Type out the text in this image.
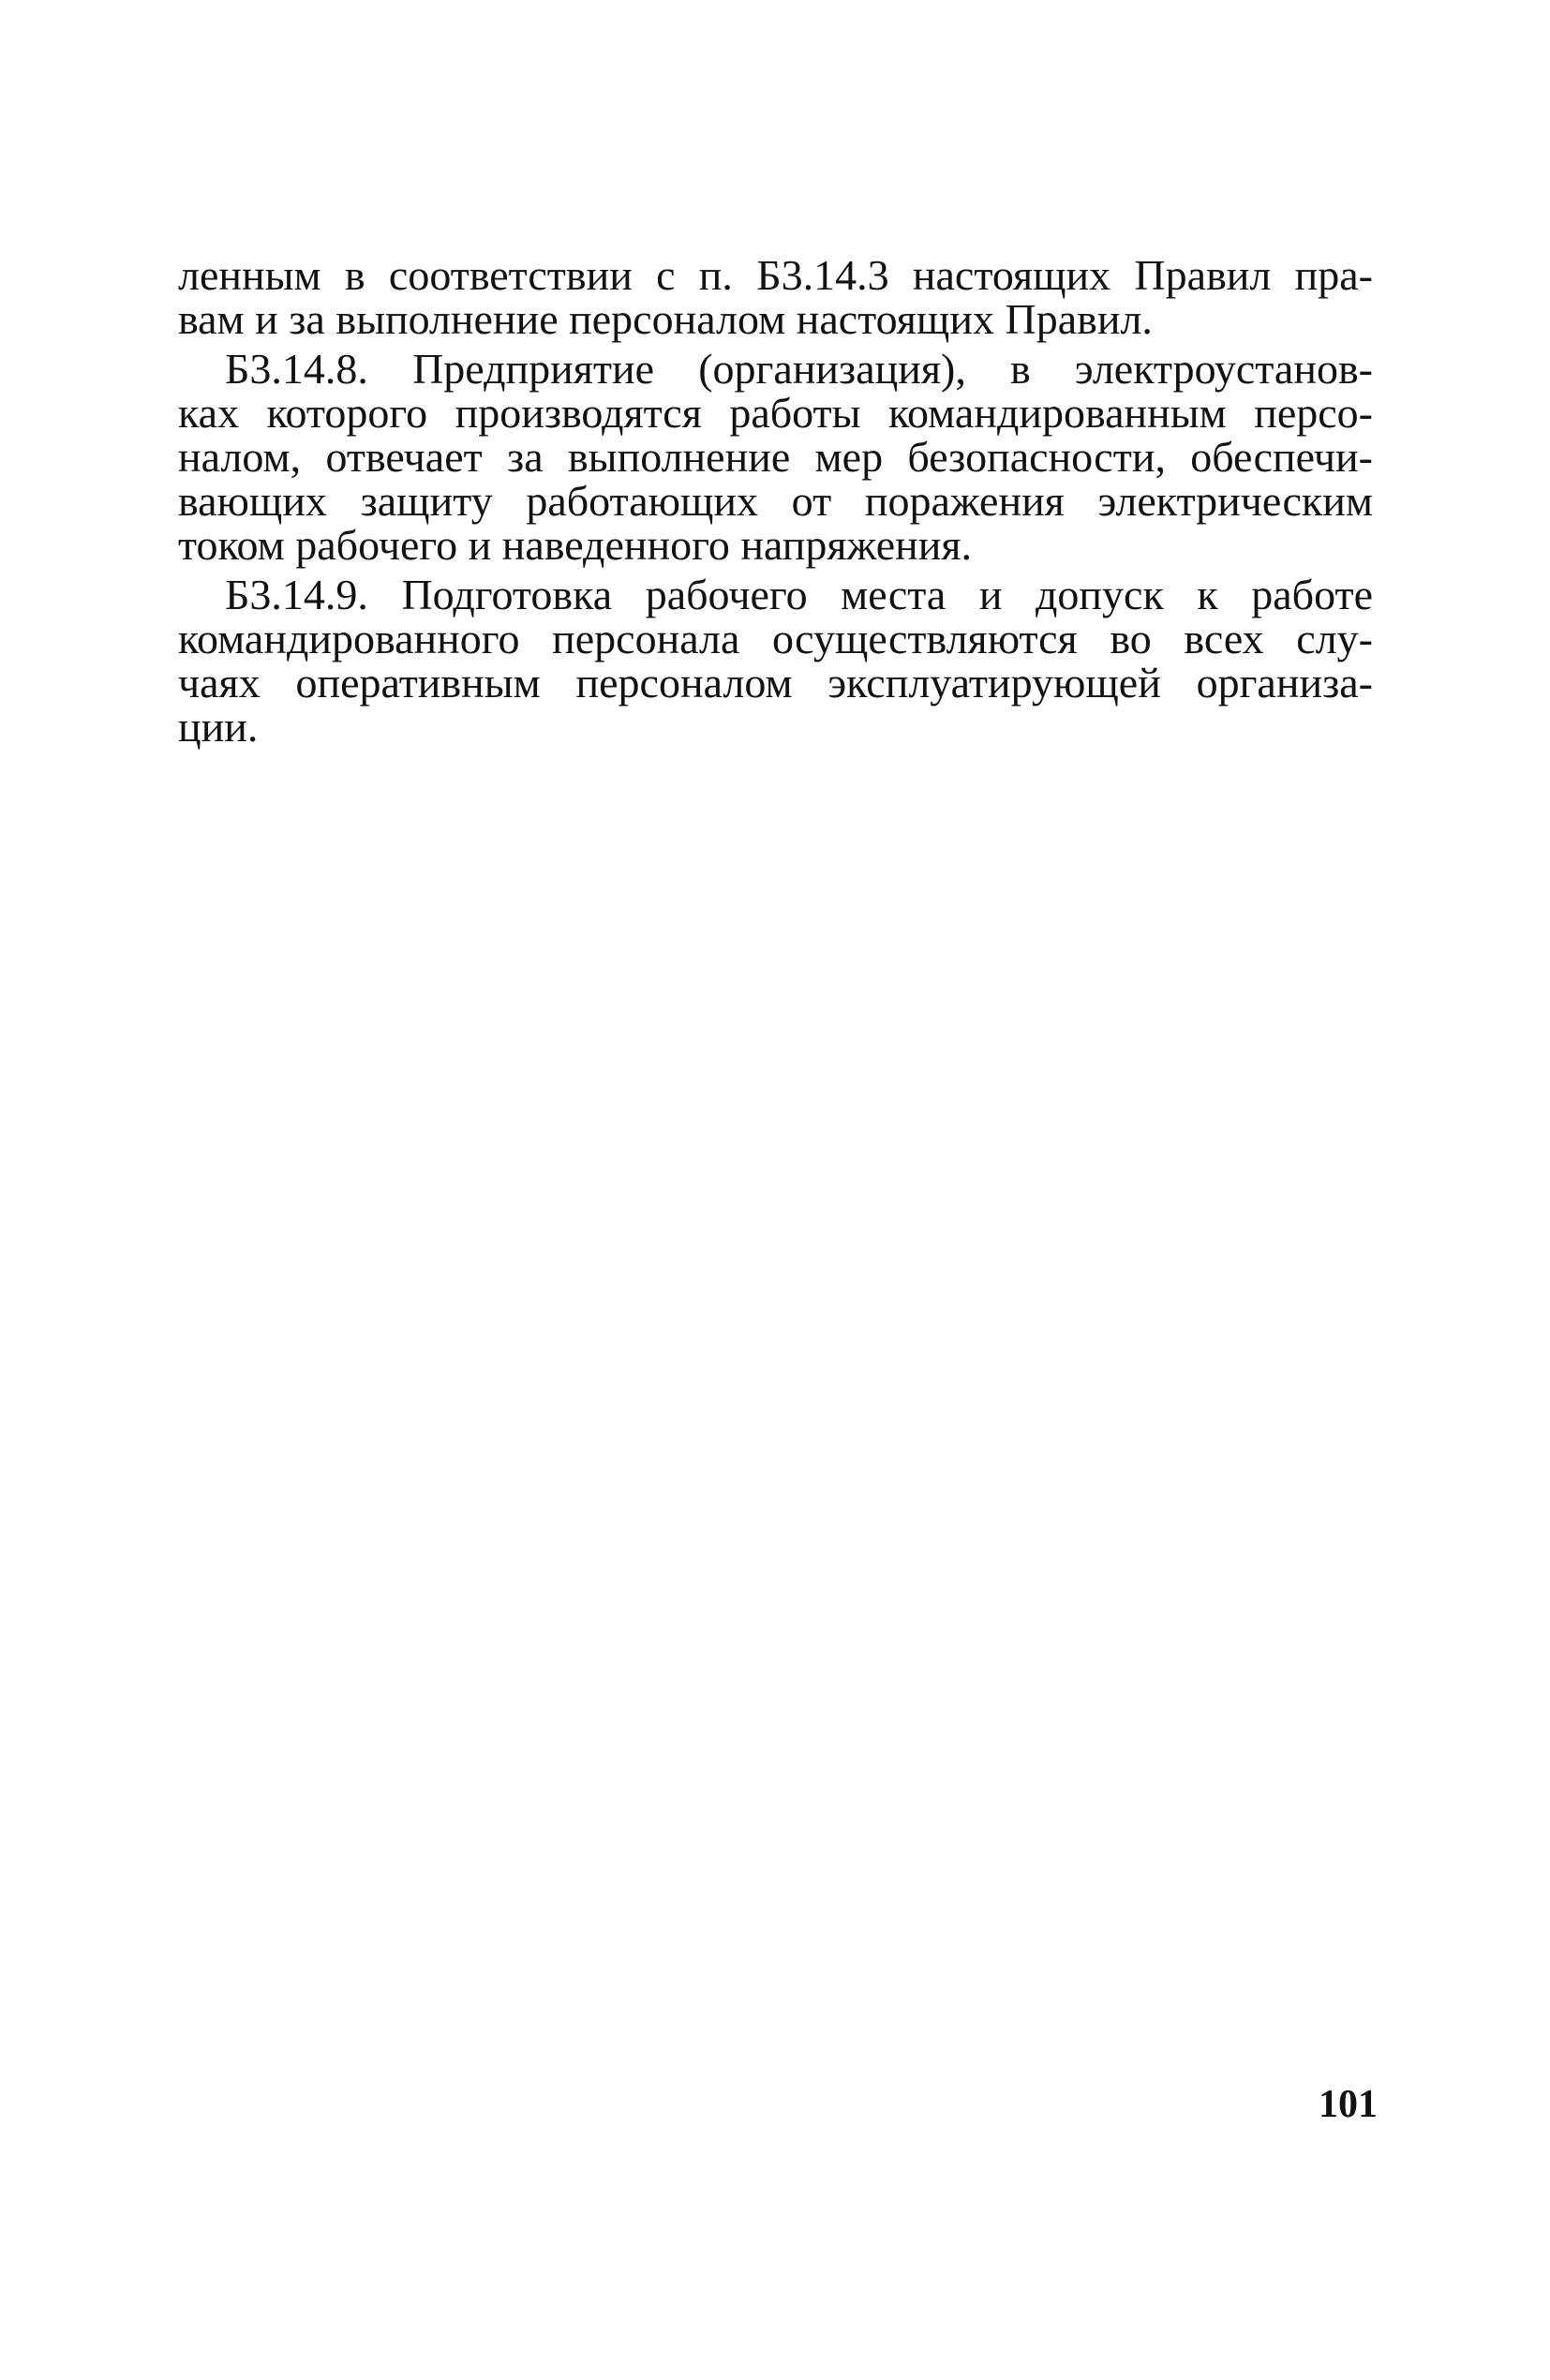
ленным в соответствии с п. Б3.14.3 настоящих Правил пра-
вам и за выполнение персоналом настоящих Правил.
Б3.14.8. Предприятие (организация), в электроустанов-
ках которого производятся работы командированным персо-
налом, отвечает за выполнение мер безопасности, обеспечи-
вающих защиту работающих от поражения электрическим
током рабочего и наведенного напряжения.
Б3.14.9. Подготовка рабочего места и допуск к работе
командированного персонала осуществляются во всех слу-
чаях оперативным персоналом эксплуатирующей организа-
ции.
101
